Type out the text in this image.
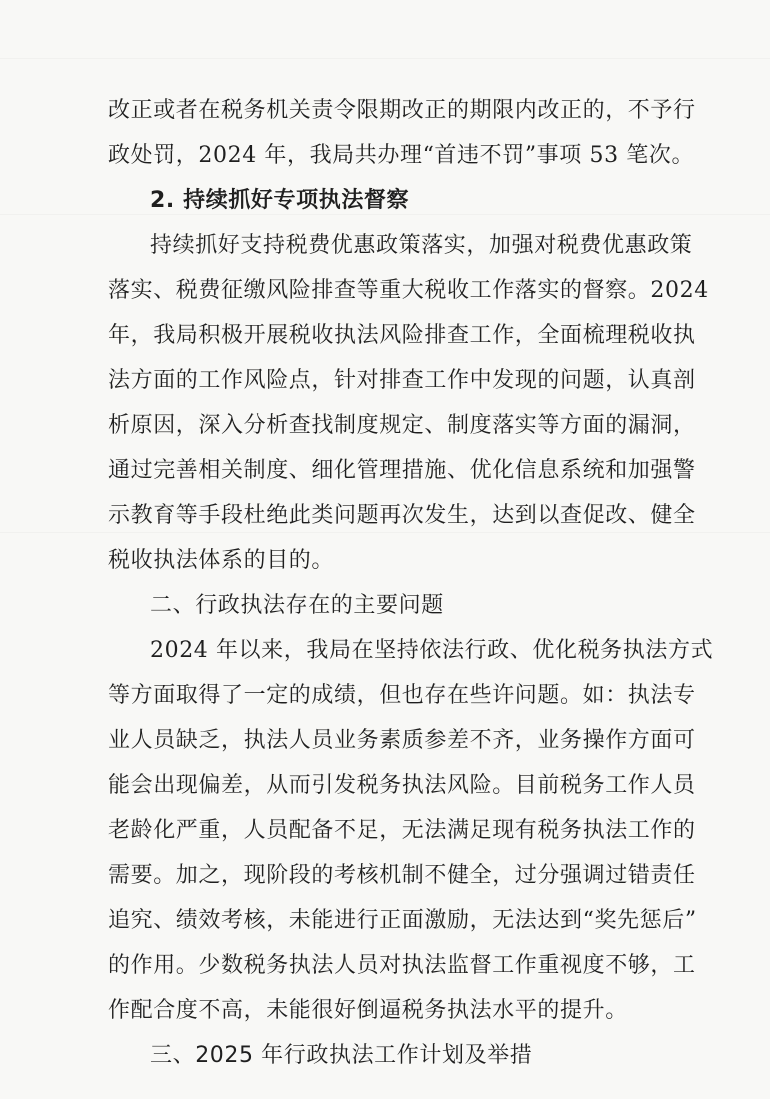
改正或者在税务机关责令限期改正的期限内改正的，不予行
政处罚，2024 年，我局共办理“首违不罚”事项 53 笔次。
2. 持续抓好专项执法督察
持续抓好支持税费优惠政策落实，加强对税费优惠政策
落实、税费征缴风险排查等重大税收工作落实的督察。2024
年，我局积极开展税收执法风险排查工作，全面梳理税收执
法方面的工作风险点，针对排查工作中发现的问题，认真剖
析原因，深入分析查找制度规定、制度落实等方面的漏洞，
通过完善相关制度、细化管理措施、优化信息系统和加强警
示教育等手段杜绝此类问题再次发生，达到以查促改、健全
税收执法体系的目的。
二、行政执法存在的主要问题
2024 年以来，我局在坚持依法行政、优化税务执法方式
等方面取得了一定的成绩，但也存在些许问题。如：执法专
业人员缺乏，执法人员业务素质参差不齐，业务操作方面可
能会出现偏差，从而引发税务执法风险。目前税务工作人员
老龄化严重，人员配备不足，无法满足现有税务执法工作的
需要。加之，现阶段的考核机制不健全，过分强调过错责任
追究、绩效考核，未能进行正面激励，无法达到“奖先惩后”
的作用。少数税务执法人员对执法监督工作重视度不够，工
作配合度不高，未能很好倒逼税务执法水平的提升。
三、2025 年行政执法工作计划及举措
